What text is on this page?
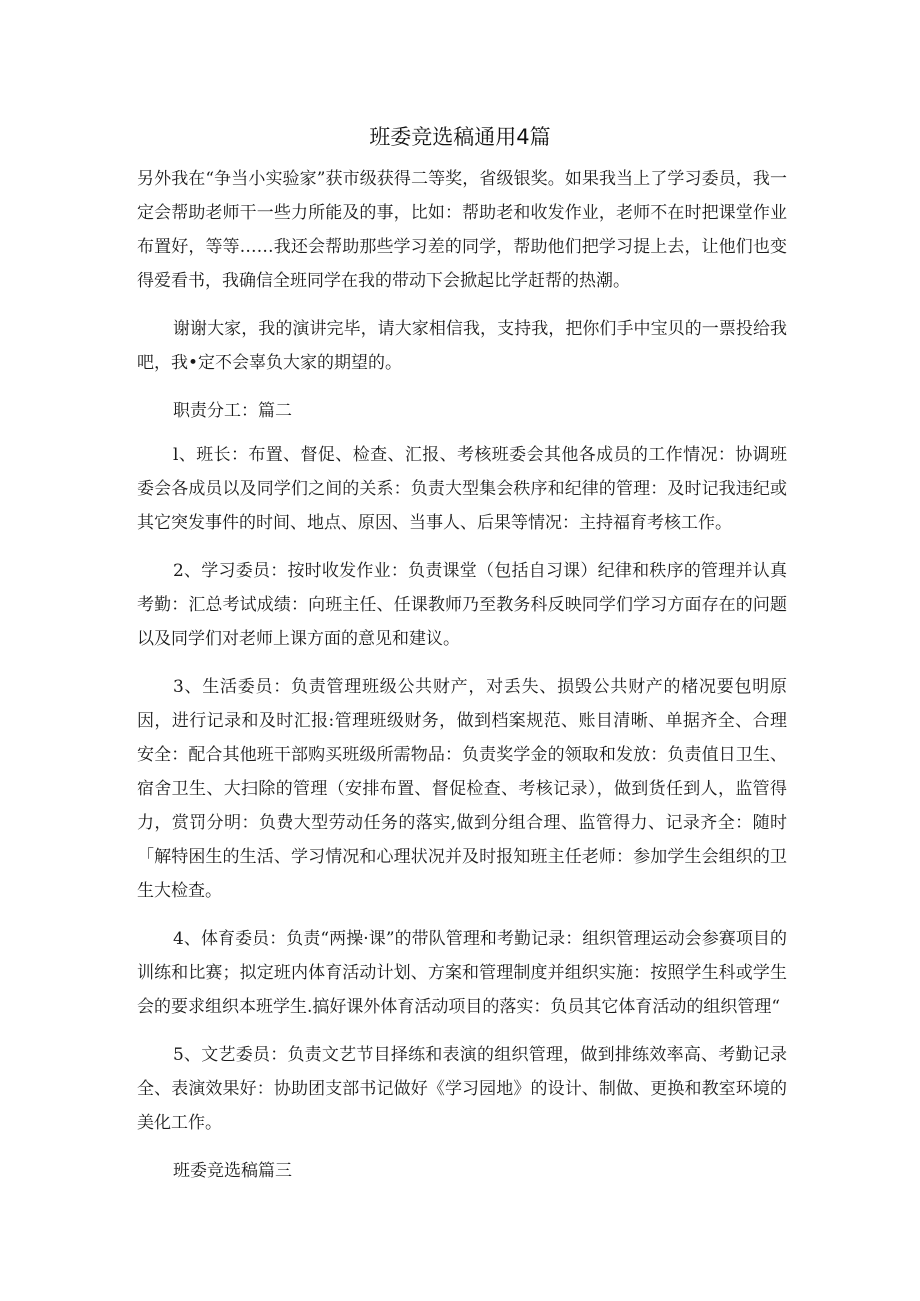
班委竞选稿通用4篇

另外我在“争当小实验家”获市级获得二等奖，省级银奖。如果我当上了学习委员，我一定会帮助老师干一些力所能及的事，比如：帮助老和收发作业，老师不在时把课堂作业布置好，等等……我还会帮助那些学习差的同学，帮助他们把学习提上去，让他们也变得爱看书，我确信全班同学在我的带动下会掀起比学赶帮的热潮。

谢谢大家，我的演讲完毕，请大家相信我，支持我，把你们手中宝贝的一票投给我吧，我•定不会辜负大家的期望的。

职责分工：篇二

l、班长：布置、督促、检查、汇报、考核班委会其他各成员的工作情况：协调班委会各成员以及同学们之间的关系：负责大型集会秩序和纪律的管理：及时记我违纪或其它突发事件的时间、地点、原因、当事人、后果等情况：主持福育考核工作。

2、学习委员：按时收发作业：负责课堂（包括自习课）纪律和秩序的管理并认真考勤：汇总考试成绩：向班主任、任课教师乃至教务科反映同学们学习方面存在的问题以及同学们对老师上课方面的意见和建议。

3、生活委员：负责管理班级公共财产，对丢失、损毁公共财产的楮况要包明原因，进行记录和及时汇报:管理班级财务，做到档案规范、账目清晰、单据齐全、合理安全：配合其他班干部购买班级所需物品：负责奖学金的领取和发放：负责值日卫生、宿舍卫生、大扫除的管理（安排布置、督促检查、考核记录），做到货任到人，监管得力，赏罚分明：负费大型劳动任务的落实,做到分组合理、监管得力、记录齐全：随时「解特困生的生活、学习情况和心理状况并及时报知班主任老师：参加学生会组织的卫生大检查。

4、体育委员：负责“两操·课”的带队管理和考勤记录：组织管理运动会参赛项目的训练和比赛；拟定班内体育活动计划、方案和管理制度并组织实施：按照学生科或学生会的要求组织本班学生.搞好课外体育活动项目的落实：负员其它体育活动的组织管理“

5、文艺委员：负责文艺节目择练和表演的组织管理，做到排练效率高、考勤记录全、表演效果好：协助团支部书记做好《学习园地》的设计、制做、更换和教室环境的美化工作。

班委竞选稿篇三
